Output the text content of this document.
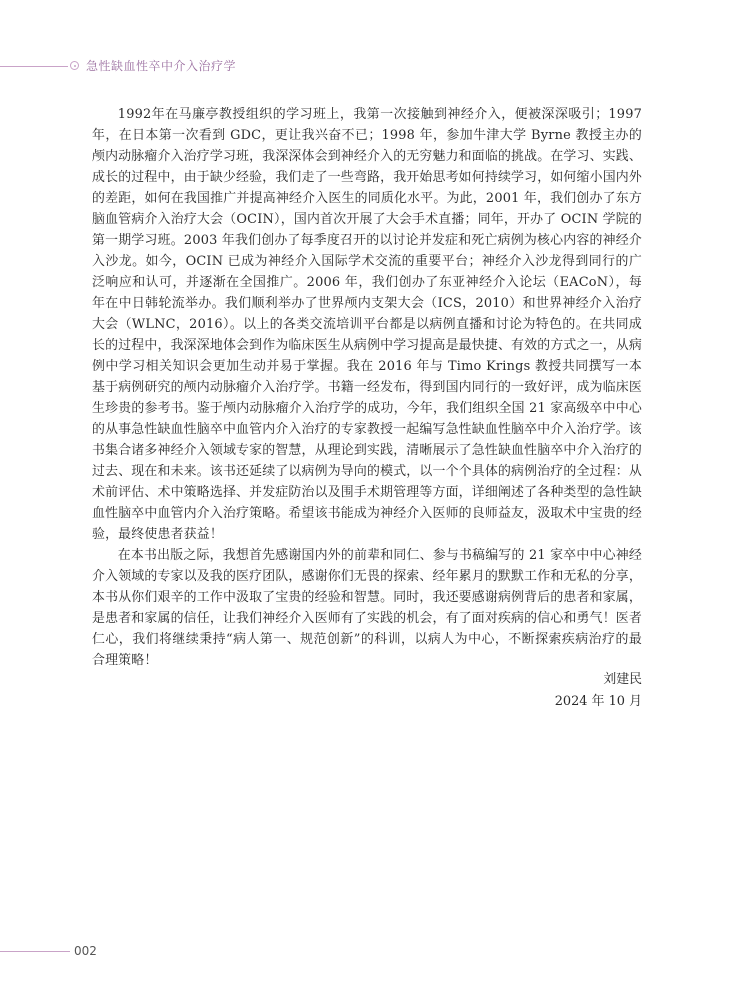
急性缺血性卒中介入治疗学

1992年在马廉亭教授组织的学习班上，我第一次接触到神经介入，便被深深吸引；1997年，在日本第一次看到 GDC，更让我兴奋不已；1998 年，参加牛津大学 Byrne 教授主办的颅内动脉瘤介入治疗学习班，我深深体会到神经介入的无穷魅力和面临的挑战。在学习、实践、成长的过程中，由于缺少经验，我们走了一些弯路，我开始思考如何持续学习，如何缩小国内外的差距，如何在我国推广并提高神经介入医生的同质化水平。为此，2001 年，我们创办了东方脑血管病介入治疗大会（OCIN），国内首次开展了大会手术直播；同年，开办了 OCIN 学院的第一期学习班。2003 年我们创办了每季度召开的以讨论并发症和死亡病例为核心内容的神经介入沙龙。如今，OCIN 已成为神经介入国际学术交流的重要平台；神经介入沙龙得到同行的广泛响应和认可，并逐渐在全国推广。2006 年，我们创办了东亚神经介入论坛（EACoN），每年在中日韩轮流举办。我们顺利举办了世界颅内支架大会（ICS，2010）和世界神经介入治疗大会（WLNC，2016）。以上的各类交流培训平台都是以病例直播和讨论为特色的。在共同成长的过程中，我深深地体会到作为临床医生从病例中学习提高是最快捷、有效的方式之一，从病例中学习相关知识会更加生动并易于掌握。我在 2016 年与 Timo Krings 教授共同撰写一本基于病例研究的颅内动脉瘤介入治疗学。书籍一经发布，得到国内同行的一致好评，成为临床医生珍贵的参考书。鉴于颅内动脉瘤介入治疗学的成功，今年，我们组织全国 21 家高级卒中中心的从事急性缺血性脑卒中血管内介入治疗的专家教授一起编写急性缺血性脑卒中介入治疗学。该书集合诸多神经介入领域专家的智慧，从理论到实践，清晰展示了急性缺血性脑卒中介入治疗的过去、现在和未来。该书还延续了以病例为导向的模式，以一个个具体的病例治疗的全过程：从术前评估、术中策略选择、并发症防治以及围手术期管理等方面，详细阐述了各种类型的急性缺血性脑卒中血管内介入治疗策略。希望该书能成为神经介入医师的良师益友，汲取术中宝贵的经验，最终使患者获益！

在本书出版之际，我想首先感谢国内外的前辈和同仁、参与书稿编写的 21 家卒中中心神经介入领域的专家以及我的医疗团队，感谢你们无畏的探索、经年累月的默默工作和无私的分享，本书从你们艰辛的工作中汲取了宝贵的经验和智慧。同时，我还要感谢病例背后的患者和家属，是患者和家属的信任，让我们神经介入医师有了实践的机会，有了面对疾病的信心和勇气！医者仁心，我们将继续秉持“病人第一、规范创新”的科训，以病人为中心，不断探索疾病治疗的最合理策略！

刘建民
2024 年 10 月
002
